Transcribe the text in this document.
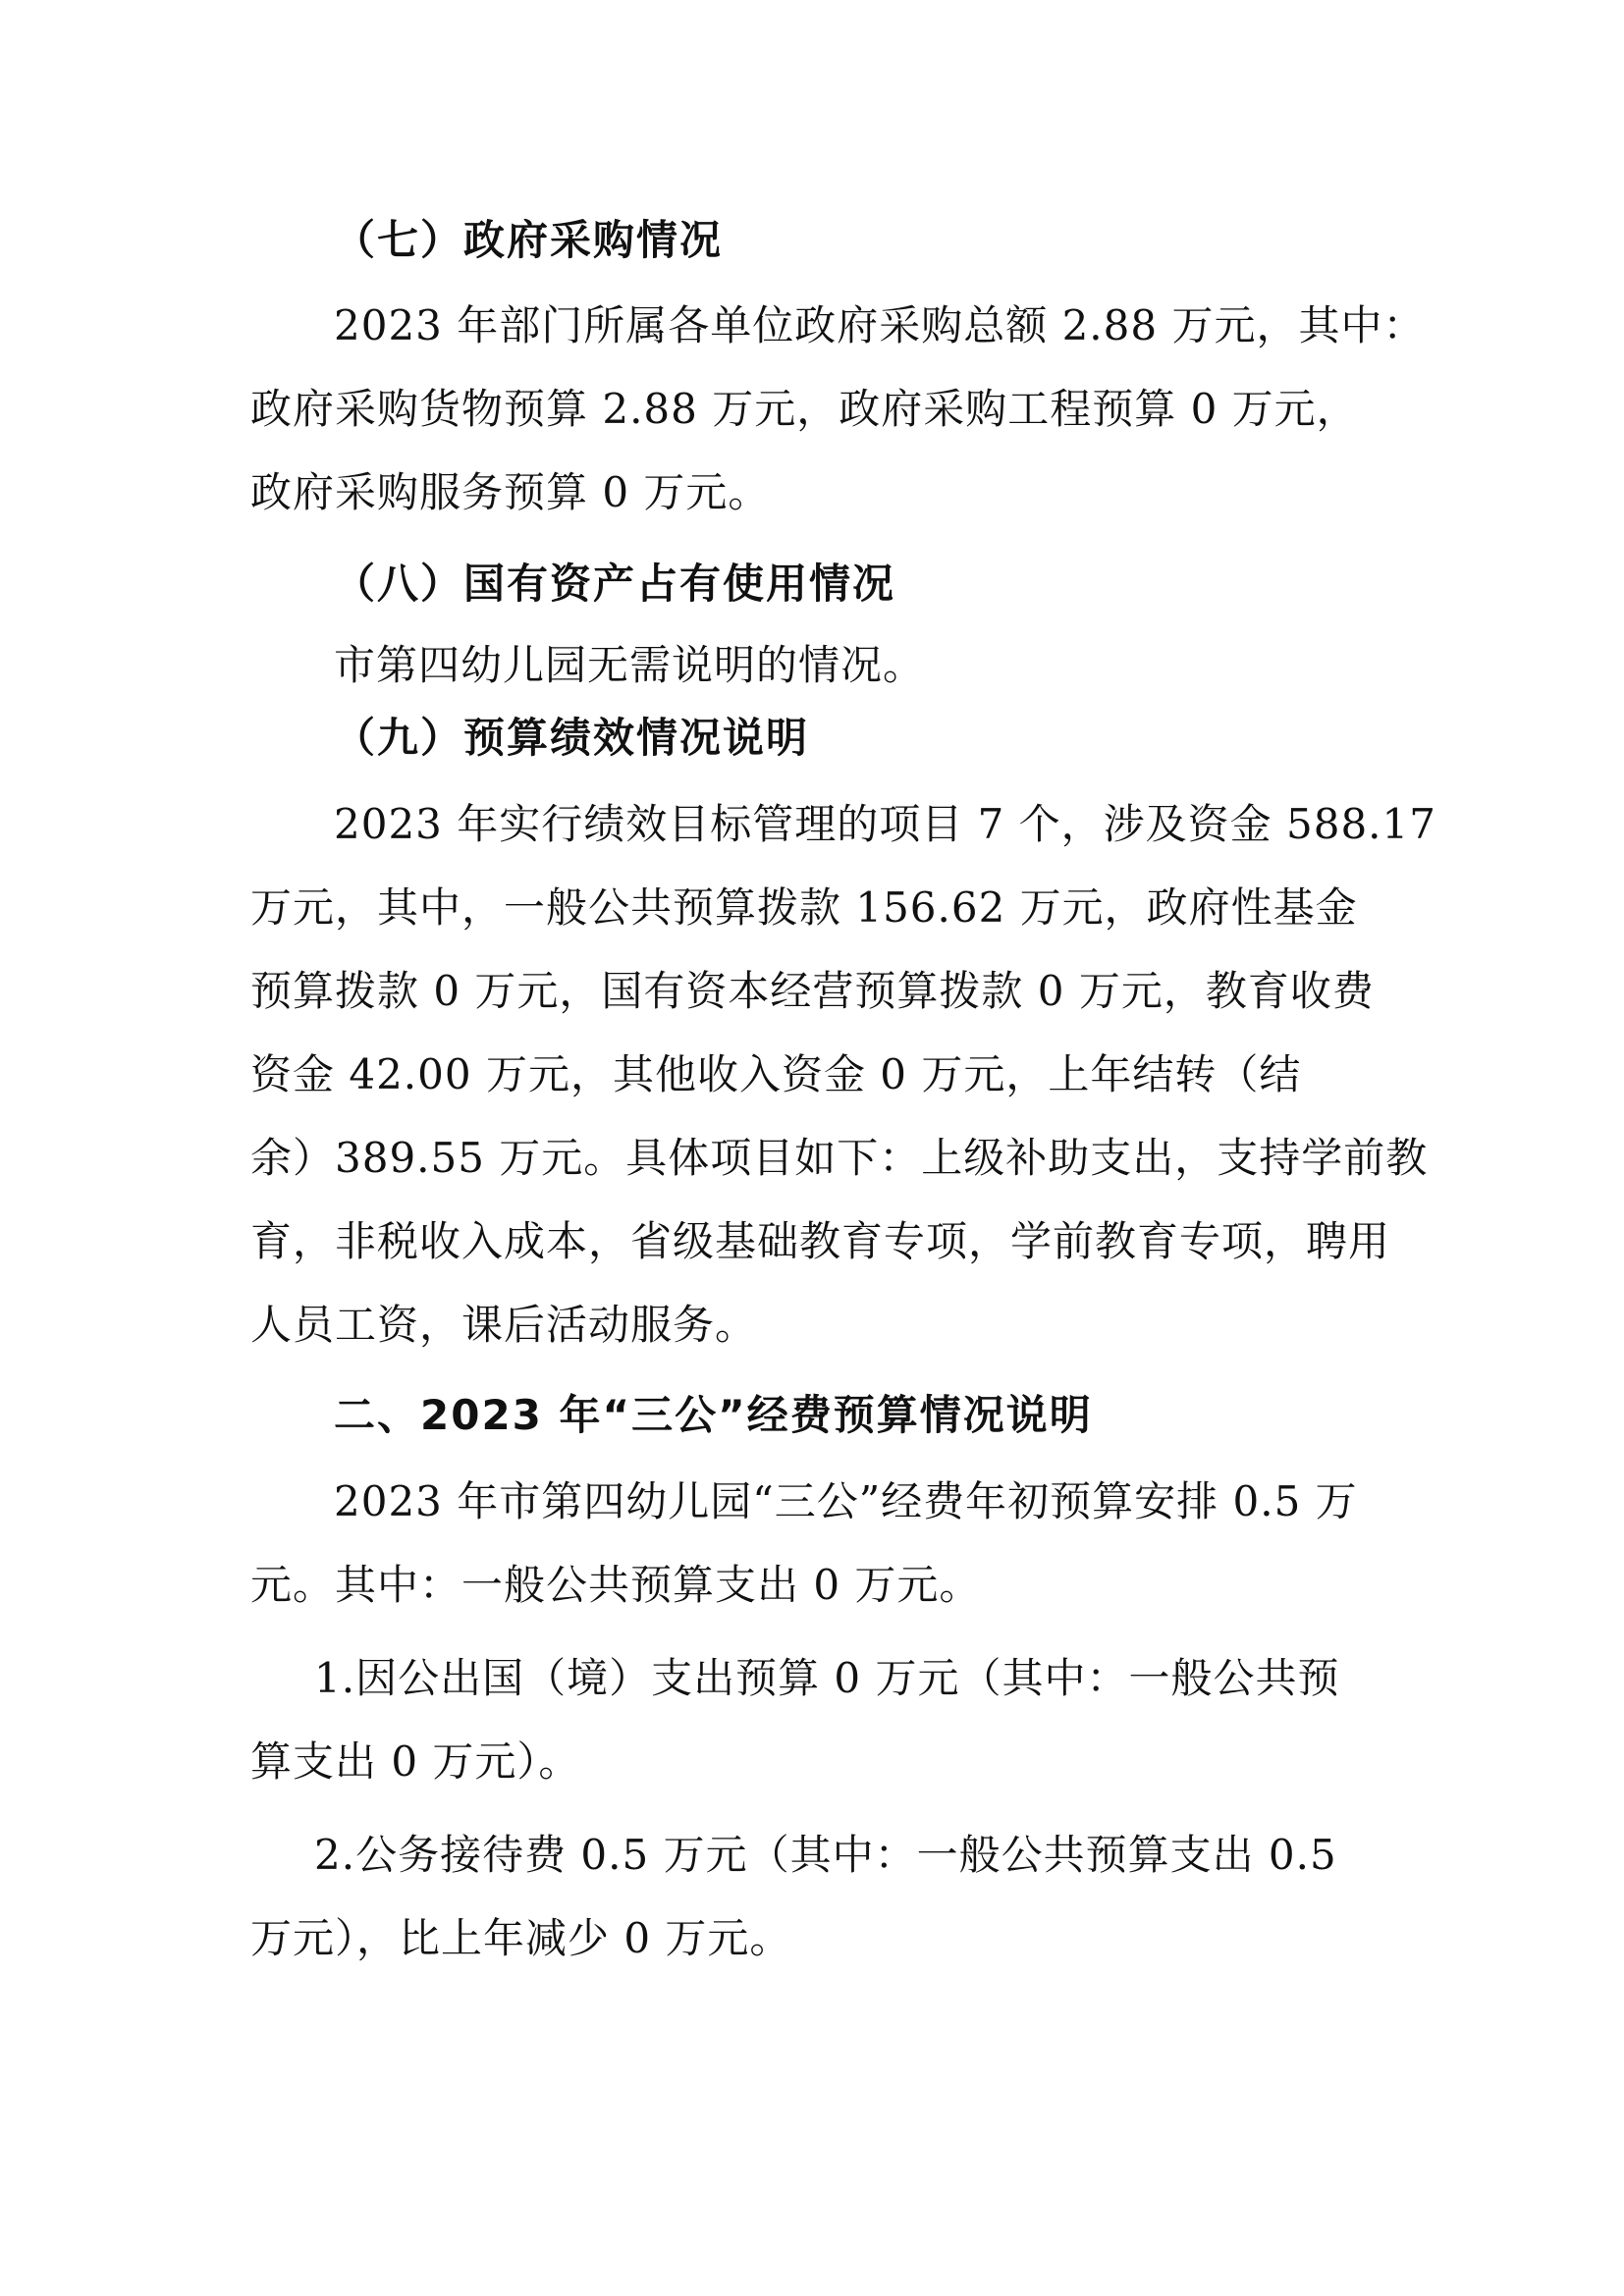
（七）政府采购情况
2023 年部门所属各单位政府采购总额 2.88 万元，其中：
政府采购货物预算 2.88 万元，政府采购工程预算 0 万元，
政府采购服务预算 0 万元。
（八）国有资产占有使用情况
市第四幼儿园无需说明的情况。
（九）预算绩效情况说明
2023 年实行绩效目标管理的项目 7 个，涉及资金 588.17
万元，其中，一般公共预算拨款 156.62 万元，政府性基金
预算拨款 0 万元，国有资本经营预算拨款 0 万元，教育收费
资金 42.00 万元，其他收入资金 0 万元，上年结转（结
余）389.55 万元。具体项目如下：上级补助支出，支持学前教
育，非税收入成本，省级基础教育专项，学前教育专项，聘用
人员工资，课后活动服务。
二、2023 年“三公”经费预算情况说明
2023 年市第四幼儿园“三公”经费年初预算安排 0.5 万
元。其中：一般公共预算支出 0 万元。
1.因公出国（境）支出预算 0 万元（其中：一般公共预
算支出 0 万元）。
2.公务接待费 0.5 万元（其中：一般公共预算支出 0.5
万元），比上年减少 0 万元。
